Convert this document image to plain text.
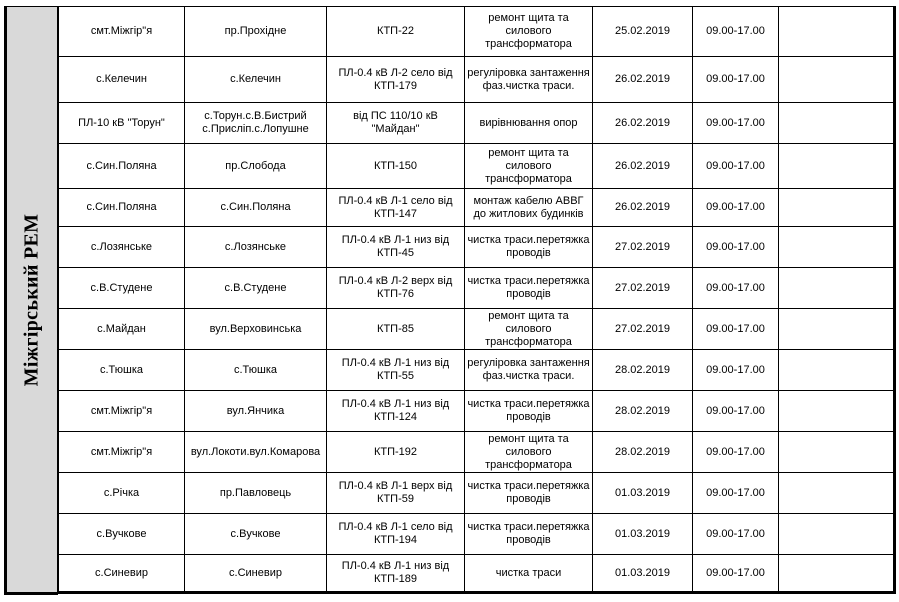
Міжгірський РЕМ
смт.Міжгір"я	пр.Прохідне	КТП-22	ремонт щита та силового трансформатора	25.02.2019	09.00-17.00	

с.Келечин	с.Келечин	ПЛ-0.4 кВ Л-2 село від КТП-179	регуліровка зантаження фаз.чистка траси.	26.02.2019	09.00-17.00	

ПЛ-10 кВ "Торун"	с.Торун.с.В.Бистрий с.Присліп.с.Лопушне	від ПС 110/10 кВ "Майдан"	вирівнювання опор	26.02.2019	09.00-17.00	

с.Син.Поляна	пр.Слобода	КТП-150	ремонт щита та силового трансформатора	26.02.2019	09.00-17.00	

с.Син.Поляна	с.Син.Поляна	ПЛ-0.4 кВ Л-1 село від КТП-147	монтаж кабелю АВВГ до житлових будинків	26.02.2019	09.00-17.00	

с.Лозянське	с.Лозянське	ПЛ-0.4 кВ Л-1 низ від КТП-45	чистка траси.перетяжка проводів	27.02.2019	09.00-17.00	

с.В.Студене	с.В.Студене	ПЛ-0.4 кВ Л-2 верх від КТП-76	чистка траси.перетяжка проводів	27.02.2019	09.00-17.00	

с.Майдан	вул.Верховинська	КТП-85	ремонт щита та силового трансформатора	27.02.2019	09.00-17.00	

с.Тюшка	с.Тюшка	ПЛ-0.4 кВ Л-1 низ від КТП-55	регуліровка зантаження фаз.чистка траси.	28.02.2019	09.00-17.00	

смт.Міжгір"я	вул.Янчика	ПЛ-0.4 кВ Л-1 низ від КТП-124	чистка траси.перетяжка проводів	28.02.2019	09.00-17.00	

смт.Міжгір"я	вул.Локоти.вул.Комарова	КТП-192	ремонт щита та силового трансформатора	28.02.2019	09.00-17.00	

с.Річка	пр.Павловець	ПЛ-0.4 кВ Л-1 верх від КТП-59	чистка траси.перетяжка проводів	01.03.2019	09.00-17.00	

с.Вучкове	с.Вучкове	ПЛ-0.4 кВ Л-1 село від КТП-194	чистка траси.перетяжка проводів	01.03.2019	09.00-17.00	

с.Синевир	с.Синевир	ПЛ-0.4 кВ Л-1 низ від КТП-189	чистка траси	01.03.2019	09.00-17.00	
